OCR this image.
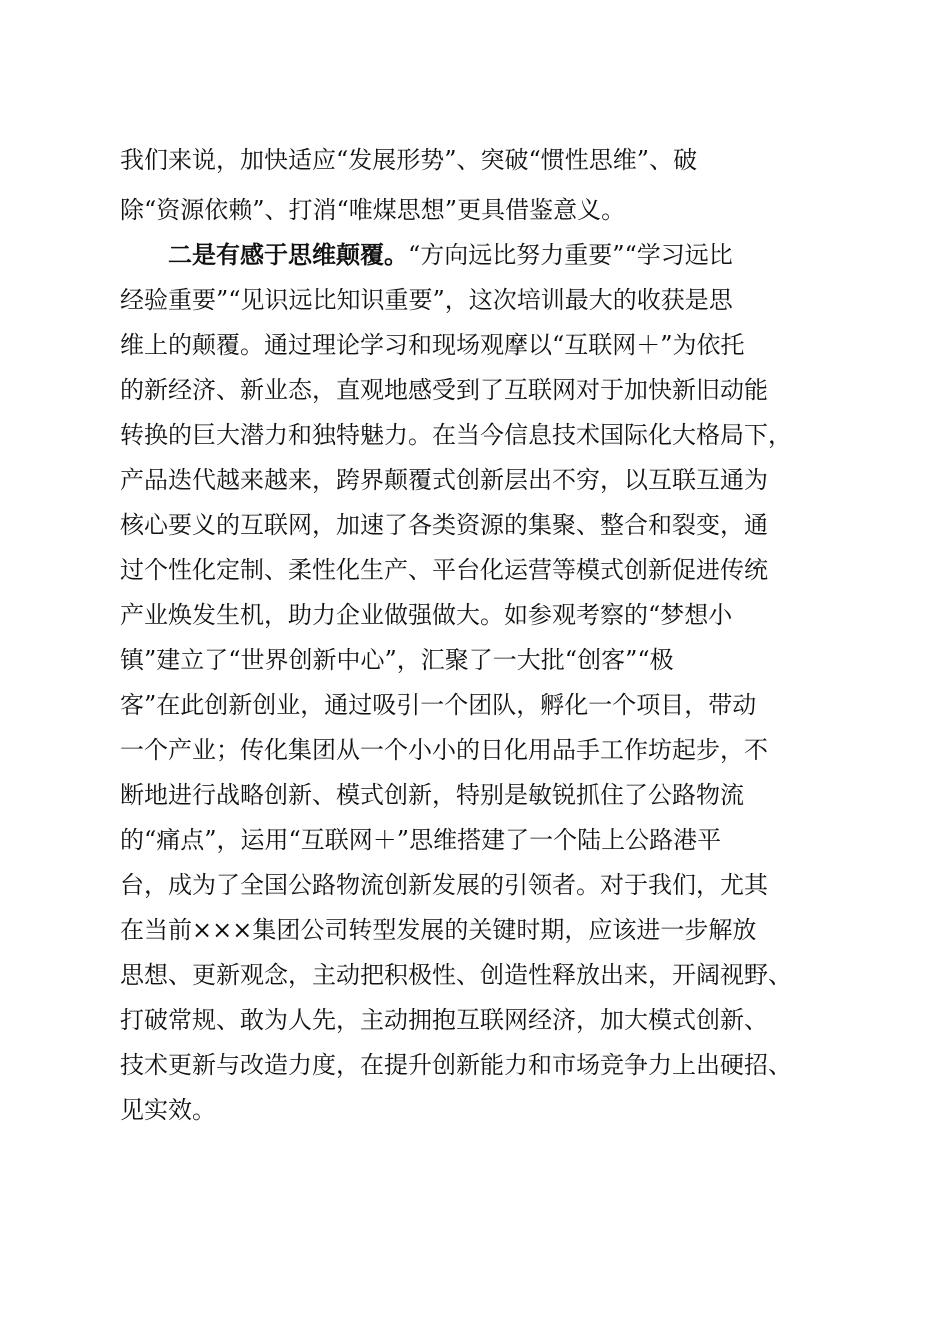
我们来说，加快适应“发展形势”、突破“惯性思维”、破
除“资源依赖”、打消“唯煤思想”更具借鉴意义。
二是有感于思维颠覆。“方向远比努力重要”“学习远比
经验重要”“见识远比知识重要”，这次培训最大的收获是思
维上的颠覆。通过理论学习和现场观摩以“互联网＋”为依托
的新经济、新业态，直观地感受到了互联网对于加快新旧动能
转换的巨大潜力和独特魅力。在当今信息技术国际化大格局下，
产品迭代越来越来，跨界颠覆式创新层出不穷，以互联互通为
核心要义的互联网，加速了各类资源的集聚、整合和裂变，通
过个性化定制、柔性化生产、平台化运营等模式创新促进传统
产业焕发生机，助力企业做强做大。如参观考察的“梦想小
镇”建立了“世界创新中心”，汇聚了一大批“创客”“极
客”在此创新创业，通过吸引一个团队，孵化一个项目，带动
一个产业；传化集团从一个小小的日化用品手工作坊起步，不
断地进行战略创新、模式创新，特别是敏锐抓住了公路物流
的“痛点”，运用“互联网＋”思维搭建了一个陆上公路港平
台，成为了全国公路物流创新发展的引领者。对于我们，尤其
在当前×××集团公司转型发展的关键时期，应该进一步解放
思想、更新观念，主动把积极性、创造性释放出来，开阔视野、
打破常规、敢为人先，主动拥抱互联网经济，加大模式创新、
技术更新与改造力度，在提升创新能力和市场竞争力上出硬招、
见实效。
